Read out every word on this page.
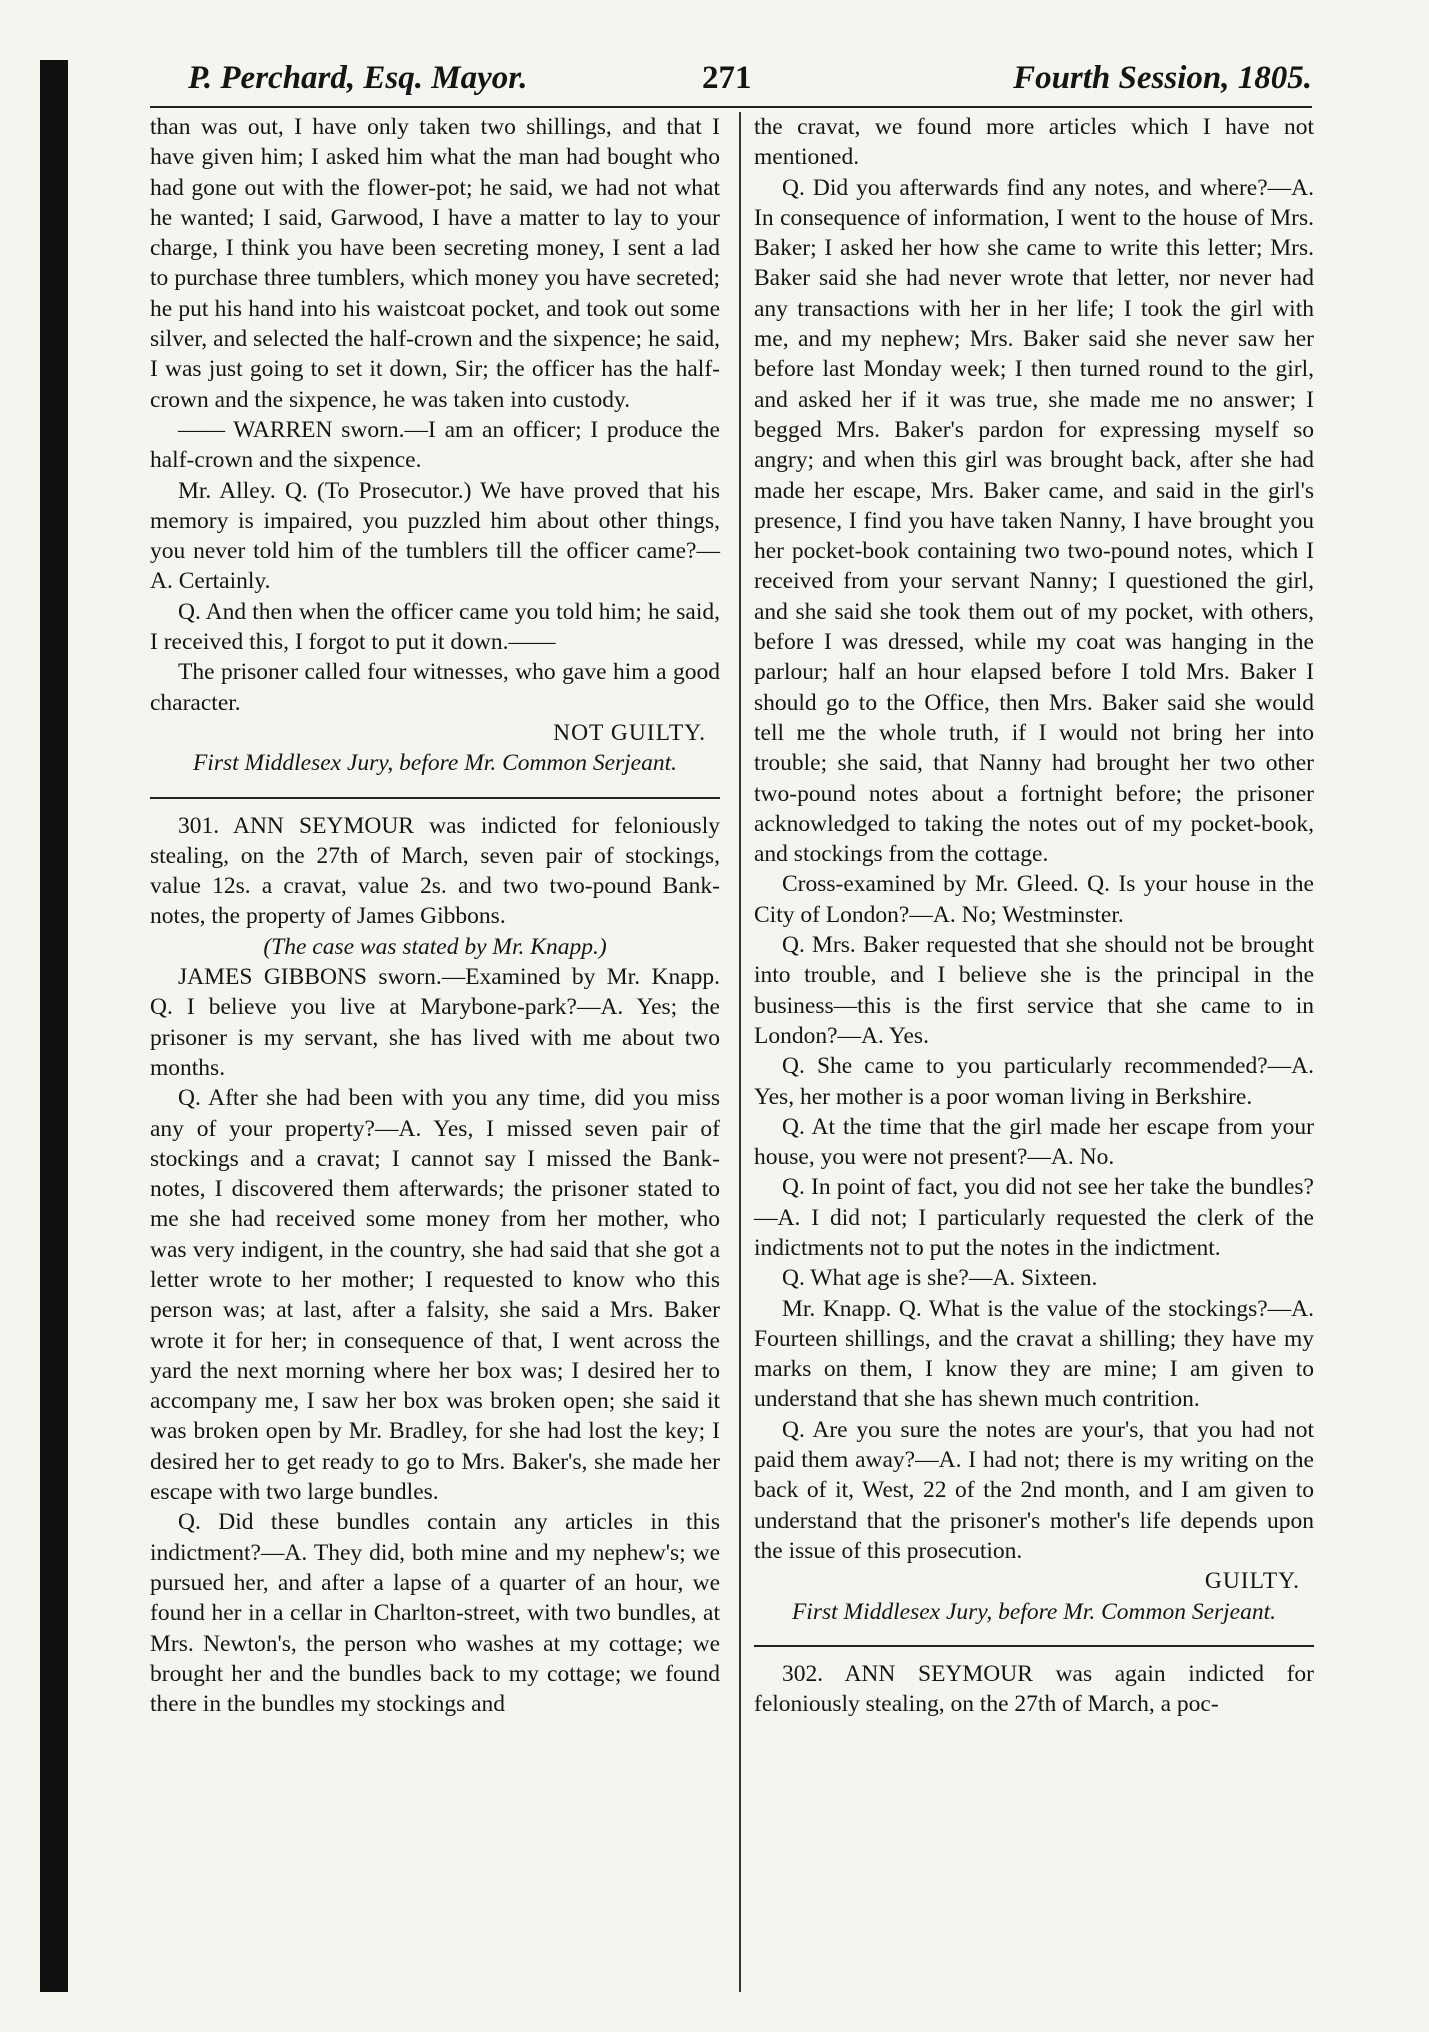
P. Perchard, Esq. Mayor.	271	Fourth Session, 1805.

than was out, I have only taken two shillings, and that I have given him; I asked him what the man had bought who had gone out with the flower-pot; he said, we had not what he wanted; I said, Garwood, I have a matter to lay to your charge, I think you have been secreting money, I sent a lad to purchase three tumblers, which money you have secreted; he put his hand into his waistcoat pocket, and took out some silver, and selected the half-crown and the sixpence; he said, I was just going to set it down, Sir; the officer has the half-crown and the sixpence, he was taken into custody.

—— WARREN sworn.—I am an officer; I produce the half-crown and the sixpence.

Mr. Alley. Q. (To Prosecutor.) We have proved that his memory is impaired, you puzzled him about other things, you never told him of the tumblers till the officer came?—A. Certainly.

Q. And then when the officer came you told him; he said, I received this, I forgot to put it down.——

The prisoner called four witnesses, who gave him a good character.

NOT GUILTY.

First Middlesex Jury, before Mr. Common Serjeant.

301. ANN SEYMOUR was indicted for feloniously stealing, on the 27th of March, seven pair of stockings, value 12s. a cravat, value 2s. and two two-pound Bank-notes, the property of James Gibbons.

(The case was stated by Mr. Knapp.)

JAMES GIBBONS sworn.—Examined by Mr. Knapp. Q. I believe you live at Marybone-park?—A. Yes; the prisoner is my servant, she has lived with me about two months.

Q. After she had been with you any time, did you miss any of your property?—A. Yes, I missed seven pair of stockings and a cravat; I cannot say I missed the Bank-notes, I discovered them afterwards; the prisoner stated to me she had received some money from her mother, who was very indigent, in the country, she had said that she got a letter wrote to her mother; I requested to know who this person was; at last, after a falsity, she said a Mrs. Baker wrote it for her; in consequence of that, I went across the yard the next morning where her box was; I desired her to accompany me, I saw her box was broken open; she said it was broken open by Mr. Bradley, for she had lost the key; I desired her to get ready to go to Mrs. Baker's, she made her escape with two large bundles.

Q. Did these bundles contain any articles in this indictment?—A. They did, both mine and my nephew's; we pursued her, and after a lapse of a quarter of an hour, we found her in a cellar in Charlton-street, with two bundles, at Mrs. Newton's, the person who washes at my cottage; we brought her and the bundles back to my cottage; we found there in the bundles my stockings and

the cravat, we found more articles which I have not mentioned.

Q. Did you afterwards find any notes, and where?—A. In consequence of information, I went to the house of Mrs. Baker; I asked her how she came to write this letter; Mrs. Baker said she had never wrote that letter, nor never had any transactions with her in her life; I took the girl with me, and my nephew; Mrs. Baker said she never saw her before last Monday week; I then turned round to the girl, and asked her if it was true, she made me no answer; I begged Mrs. Baker's pardon for expressing myself so angry; and when this girl was brought back, after she had made her escape, Mrs. Baker came, and said in the girl's presence, I find you have taken Nanny, I have brought you her pocket-book containing two two-pound notes, which I received from your servant Nanny; I questioned the girl, and she said she took them out of my pocket, with others, before I was dressed, while my coat was hanging in the parlour; half an hour elapsed before I told Mrs. Baker I should go to the Office, then Mrs. Baker said she would tell me the whole truth, if I would not bring her into trouble; she said, that Nanny had brought her two other two-pound notes about a fortnight before; the prisoner acknowledged to taking the notes out of my pocket-book, and stockings from the cottage.

Cross-examined by Mr. Gleed. Q. Is your house in the City of London?—A. No; Westminster.

Q. Mrs. Baker requested that she should not be brought into trouble, and I believe she is the principal in the business—this is the first service that she came to in London?—A. Yes.

Q. She came to you particularly recommended?—A. Yes, her mother is a poor woman living in Berkshire.

Q. At the time that the girl made her escape from your house, you were not present?—A. No.

Q. In point of fact, you did not see her take the bundles?—A. I did not; I particularly requested the clerk of the indictments not to put the notes in the indictment.

Q. What age is she?—A. Sixteen.

Mr. Knapp. Q. What is the value of the stockings?—A. Fourteen shillings, and the cravat a shilling; they have my marks on them, I know they are mine; I am given to understand that she has shewn much contrition.

Q. Are you sure the notes are your's, that you had not paid them away?—A. I had not; there is my writing on the back of it, West, 22 of the 2nd month, and I am given to understand that the prisoner's mother's life depends upon the issue of this prosecution.

GUILTY.

First Middlesex Jury, before Mr. Common Serjeant.

302. ANN SEYMOUR was again indicted for feloniously stealing, on the 27th of March, a poc-
